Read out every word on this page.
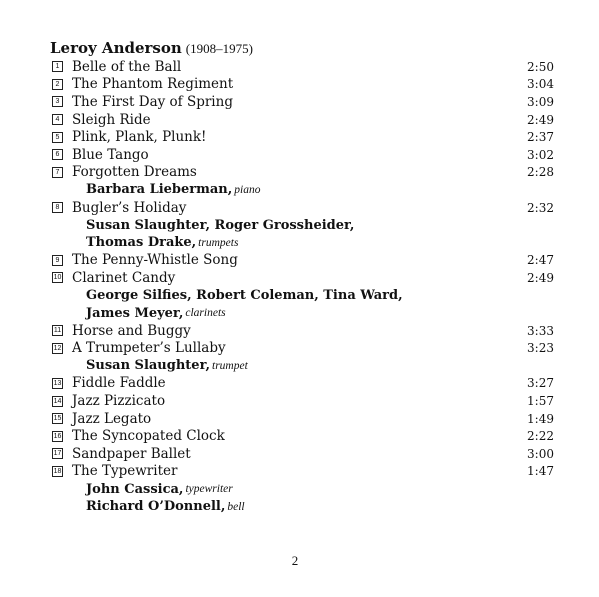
Leroy Anderson (1908–1975)
1 Belle of the Ball	2:50
2 The Phantom Regiment	3:04
3 The First Day of Spring	3:09
4 Sleigh Ride	2:49
5 Plink, Plank, Plunk!	2:37
6 Blue Tango	3:02
7 Forgotten Dreams	2:28
Barbara Lieberman, piano
8 Bugler’s Holiday	2:32
Susan Slaughter, Roger Grossheider,
Thomas Drake, trumpets
9 The Penny-Whistle Song	2:47
10 Clarinet Candy	2:49
George Silfies, Robert Coleman, Tina Ward,
James Meyer, clarinets
11 Horse and Buggy	3:33
12 A Trumpeter’s Lullaby	3:23
Susan Slaughter, trumpet
13 Fiddle Faddle	3:27
14 Jazz Pizzicato	1:57
15 Jazz Legato	1:49
16 The Syncopated Clock	2:22
17 Sandpaper Ballet	3:00
18 The Typewriter	1:47
John Cassica, typewriter
Richard O’Donnell, bell
2
